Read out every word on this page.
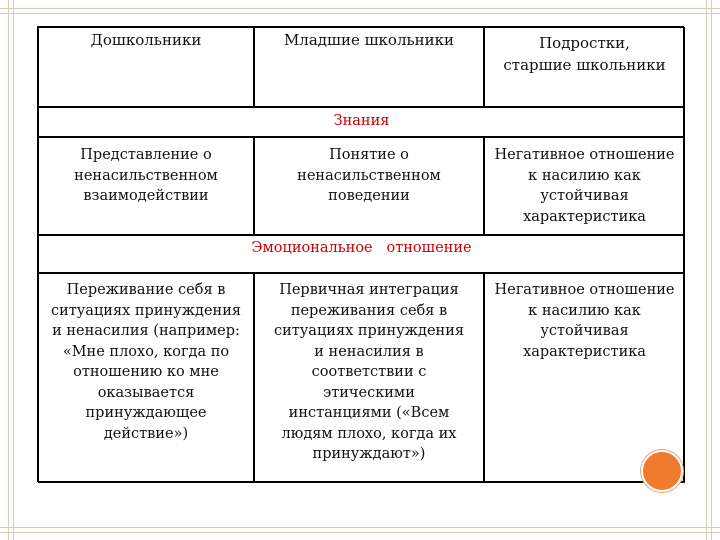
Дошкольники	Младшие школьники	Подростки,
старшие школьники
Знания
Представление о
ненасильственном
взаимодействии
Понятие о
ненасильственном
поведении
Негативное отношение
к насилию как
устойчивая
характеристика
Эмоциональное   отношение
Переживание себя в
ситуациях принуждения
и ненасилия (например:
«Мне плохо, когда по
отношению ко мне
оказывается
принуждающее
действие»)
Первичная интеграция
переживания себя в
ситуациях принуждения
и ненасилия в
соответствии с
этическими
инстанциями («Всем
людям плохо, когда их
принуждают»)
Негативное отношение
к насилию как
устойчивая
характеристика
